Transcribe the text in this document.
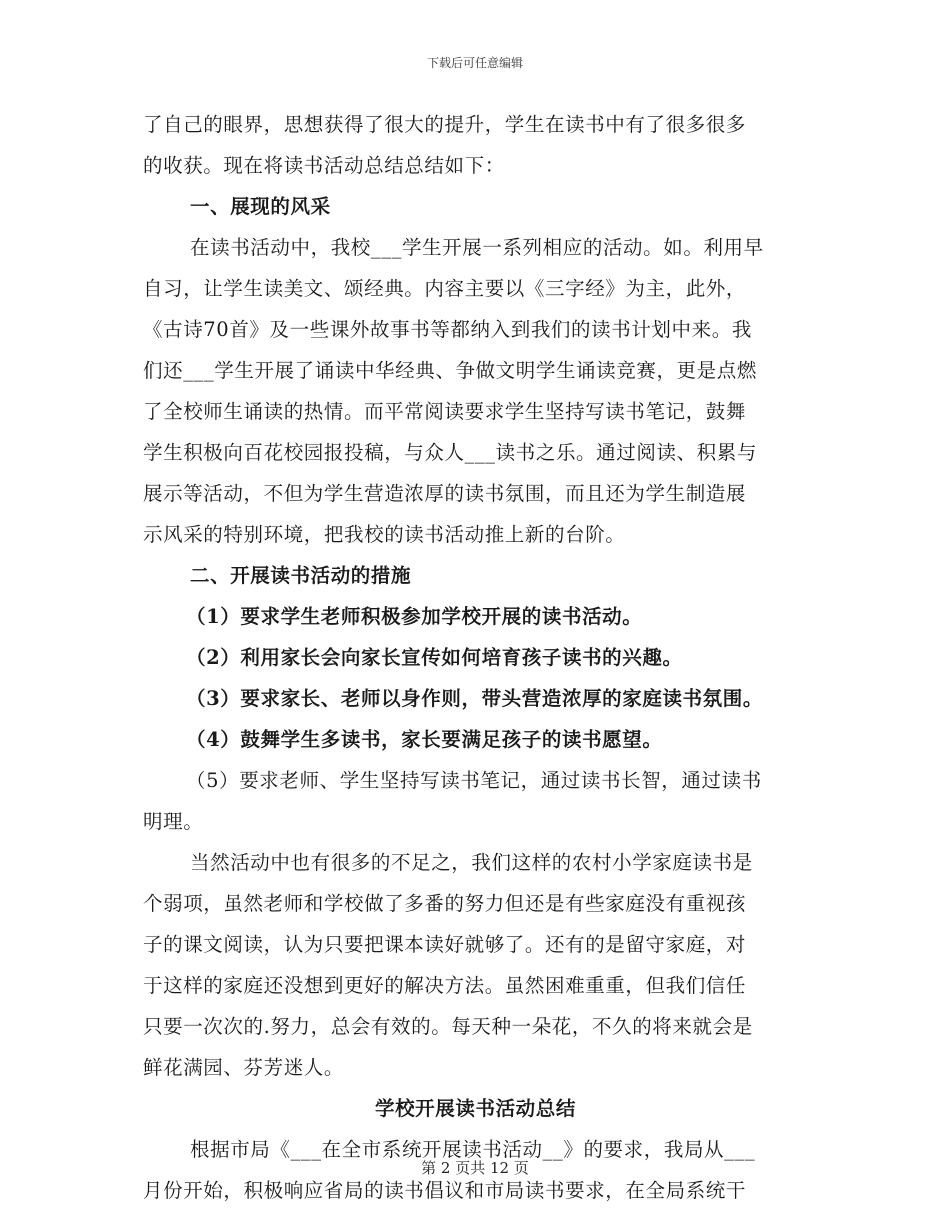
下载后可任意编辑
了自己的眼界，思想获得了很大的提升，学生在读书中有了很多很多
的收获。现在将读书活动总结总结如下：
一、展现的风采
在读书活动中，我校___学生开展一系列相应的活动。如。利用早
自习，让学生读美文、颂经典。内容主要以《三字经》为主，此外，
《古诗70首》及一些课外故事书等都纳入到我们的读书计划中来。我
们还___学生开展了诵读中华经典、争做文明学生诵读竞赛，更是点燃
了全校师生诵读的热情。而平常阅读要求学生坚持写读书笔记，鼓舞
学生积极向百花校园报投稿，与众人___读书之乐。通过阅读、积累与
展示等活动，不但为学生营造浓厚的读书氛围，而且还为学生制造展
示风采的特别环境，把我校的读书活动推上新的台阶。
二、开展读书活动的措施
（1）要求学生老师积极参加学校开展的读书活动。
（2）利用家长会向家长宣传如何培育孩子读书的兴趣。
（3）要求家长、老师以身作则，带头营造浓厚的家庭读书氛围。
（4）鼓舞学生多读书，家长要满足孩子的读书愿望。
（5）要求老师、学生坚持写读书笔记，通过读书长智，通过读书
明理。
当然活动中也有很多的不足之，我们这样的农村小学家庭读书是
个弱项，虽然老师和学校做了多番的努力但还是有些家庭没有重视孩
子的课文阅读，认为只要把课本读好就够了。还有的是留守家庭，对
于这样的家庭还没想到更好的解决方法。虽然困难重重，但我们信任
只要一次次的.努力，总会有效的。每天种一朵花，不久的将来就会是
鲜花满园、芬芳迷人。
学校开展读书活动总结
根据市局《___在全市系统开展读书活动__》的要求，我局从___
月份开始，积极响应省局的读书倡议和市局读书要求，在全局系统干
第 2 页共 12 页
